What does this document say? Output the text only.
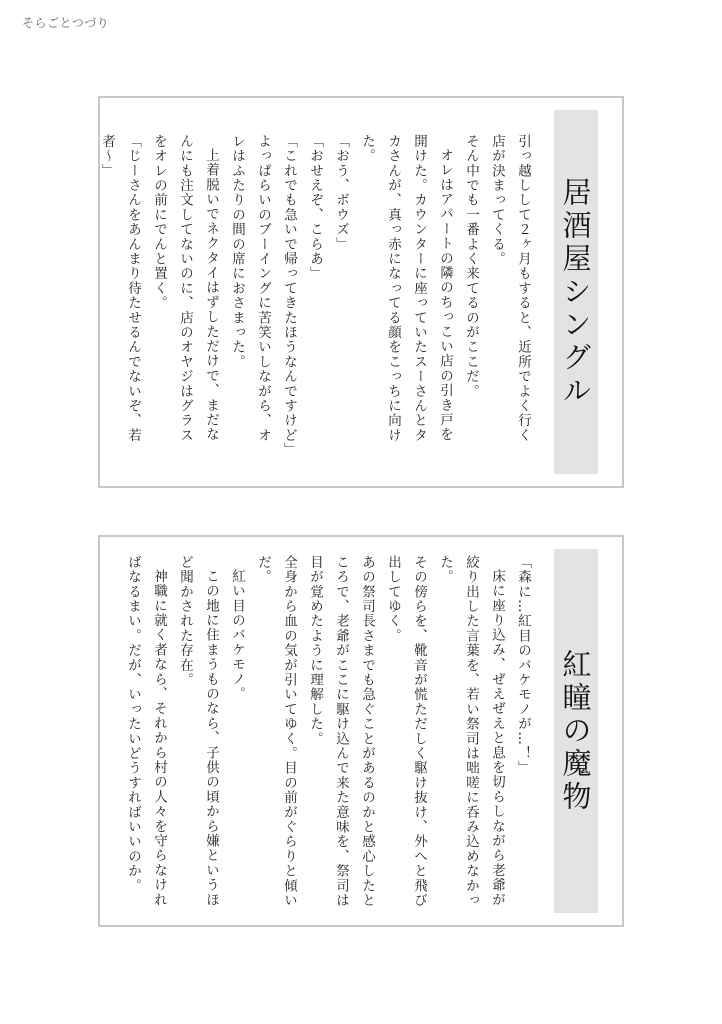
そらごとつづり
居酒屋シングル

引っ越しして２ヶ月もすると、近所でよく行く店が決まってくる。

そん中でも一番よく来てるのがここだ。

オレはアパートの隣のちっこい店の引き戸を開けた。カウンターに座っていたスーさんとタカさんが、真っ赤になってる顔をこっちに向けた。

「おう、ボウズ」

「おせえぞ、こらあ」

「これでも急いで帰ってきたほうなんですけど」

よっぱらいのブーイングに苦笑いしながら、オレはふたりの間の席におさまった。

上着脱いでネクタイはずしただけで、まだなんにも注文してないのに、店のオヤジはグラスをオレの前にでんと置く。

「じーさんをあんまり待たせるんでないぞ、若者～」

紅瞳の魔物

「森に…紅目のバケモノが…！」

床に座り込み、ぜえぜえと息を切らしながら老爺が絞り出した言葉を、若い祭司は咄嗟に呑み込めなかった。

その傍らを、靴音が慌ただしく駆け抜け、外へと飛び出してゆく。

あの祭司長さまでも急ぐことがあるのかと感心したところで、老爺がここに駆け込んで来た意味を、祭司は目が覚めたように理解した。

全身から血の気が引いてゆく。目の前がぐらりと傾いだ。

紅い目のバケモノ。

この地に住まうものなら、子供の頃から嫌というほど聞かされた存在。

神職に就く者なら、それから村の人々を守らなければなるまい。だが、いったいどうすればいいのか。
